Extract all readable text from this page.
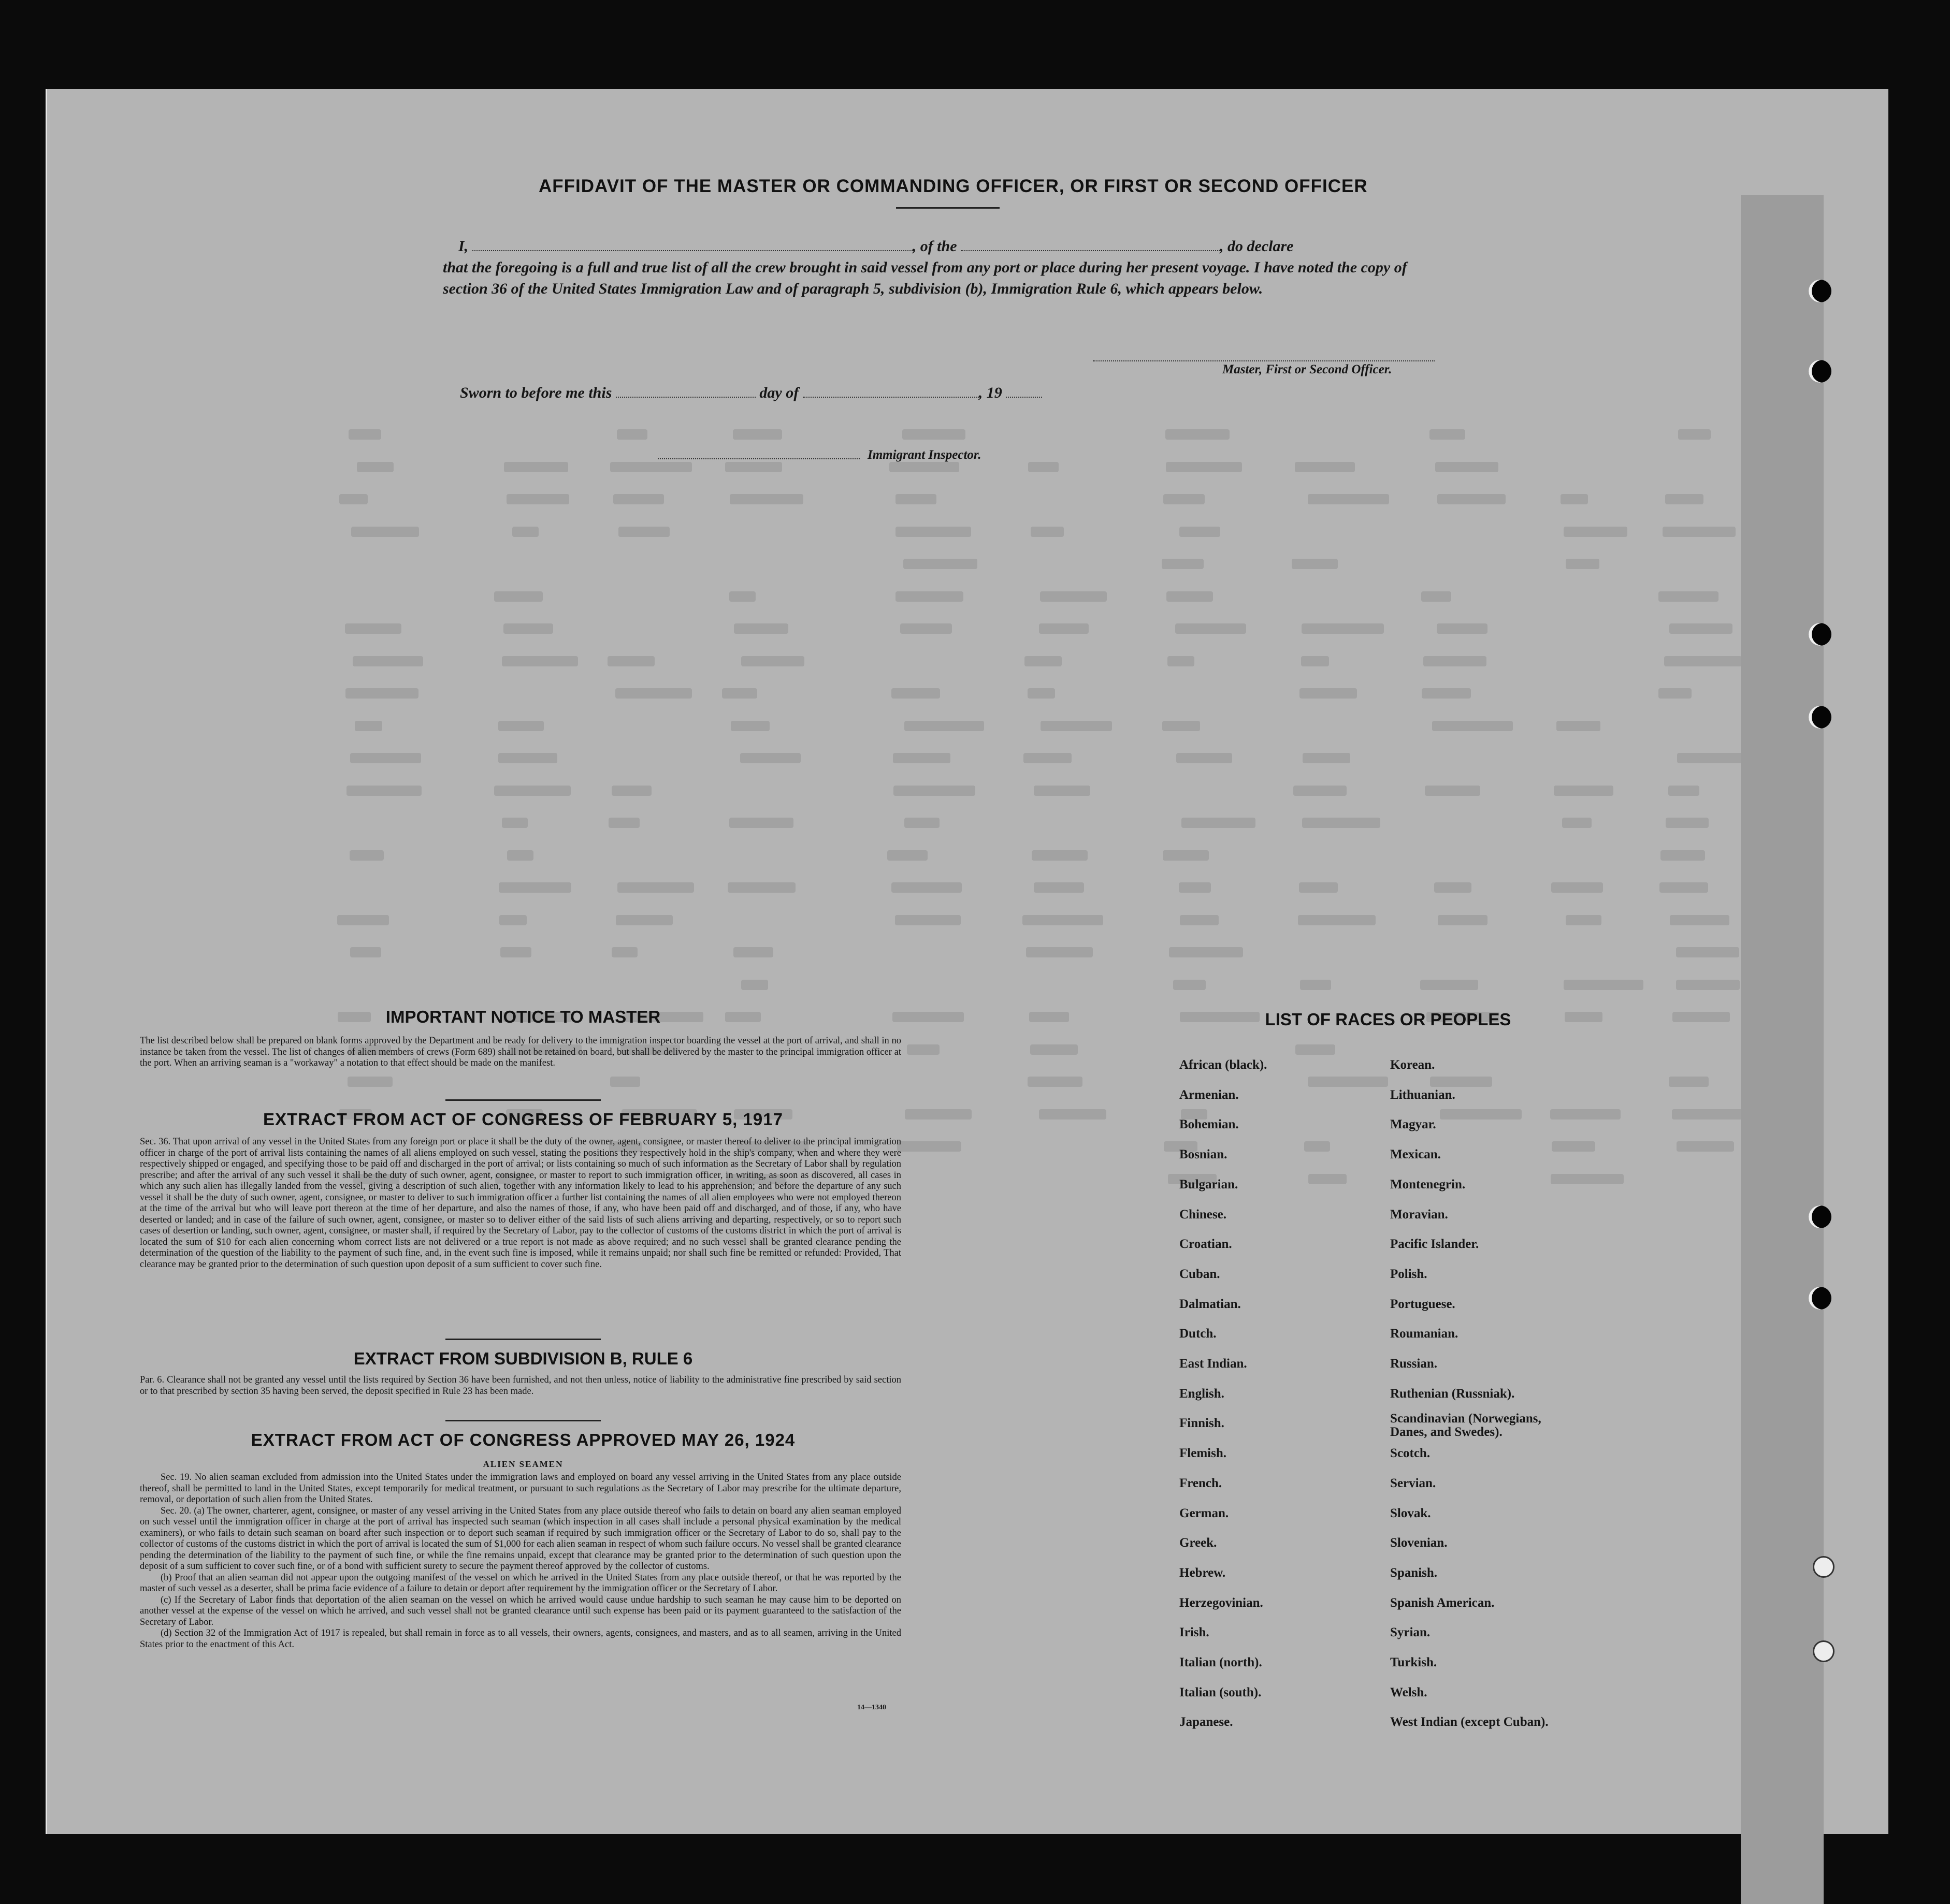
AFFIDAVIT OF THE MASTER OR COMMANDING OFFICER, OR FIRST OR SECOND OFFICER
I,	, of the	, do declare
that the foregoing is a full and true list of all the crew brought in said vessel from any port or place during her present voyage. I have noted the copy of section 36 of the United States Immigration Law and of paragraph 5, subdivision (b), Immigration Rule 6, which appears below.
Master, First or Second Officer.
Sworn to before me this	day of	, 19
Immigrant Inspector.
IMPORTANT NOTICE TO MASTER
The list described below shall be prepared on blank forms approved by the Department and be ready for delivery to the immigration inspector boarding the vessel at the port of arrival, and shall in no instance be taken from the vessel. The list of changes of alien members of crews (Form 689) shall not be retained on board, but shall be delivered by the master to the principal immigration officer at the port. When an arriving seaman is a "workaway" a notation to that effect should be made on the manifest.
EXTRACT FROM ACT OF CONGRESS OF FEBRUARY 5, 1917
Sec. 36. That upon arrival of any vessel in the United States from any foreign port or place it shall be the duty of the owner, agent, consignee, or master thereof to deliver to the principal immigration officer in charge of the port of arrival lists containing the names of all aliens employed on such vessel, stating the positions they respectively hold in the ship's company, when and where they were respectively shipped or engaged, and specifying those to be paid off and discharged in the port of arrival; or lists containing so much of such information as the Secretary of Labor shall by regulation prescribe; and after the arrival of any such vessel it shall be the duty of such owner, agent, consignee, or master to report to such immigration officer, in writing, as soon as discovered, all cases in which any such alien has illegally landed from the vessel, giving a description of such alien, together with any information likely to lead to his apprehension; and before the departure of any such vessel it shall be the duty of such owner, agent, consignee, or master to deliver to such immigration officer a further list containing the names of all alien employees who were not employed thereon at the time of the arrival but who will leave port thereon at the time of her departure, and also the names of those, if any, who have been paid off and discharged, and of those, if any, who have deserted or landed; and in case of the failure of such owner, agent, consignee, or master so to deliver either of the said lists of such aliens arriving and departing, respectively, or so to report such cases of desertion or landing, such owner, agent, consignee, or master shall, if required by the Secretary of Labor, pay to the collector of customs of the customs district in which the port of arrival is located the sum of $10 for each alien concerning whom correct lists are not delivered or a true report is not made as above required; and no such vessel shall be granted clearance pending the determination of the question of the liability to the payment of such fine, and, in the event such fine is imposed, while it remains unpaid; nor shall such fine be remitted or refunded: Provided, That clearance may be granted prior to the determination of such question upon deposit of a sum sufficient to cover such fine.
EXTRACT FROM SUBDIVISION B, RULE 6
Par. 6. Clearance shall not be granted any vessel until the lists required by Section 36 have been furnished, and not then unless, notice of liability to the administrative fine prescribed by said section or to that prescribed by section 35 having been served, the deposit specified in Rule 23 has been made.
EXTRACT FROM ACT OF CONGRESS APPROVED MAY 26, 1924
ALIEN SEAMEN
Sec. 19. No alien seaman excluded from admission into the United States under the immigration laws and employed on board any vessel arriving in the United States from any place outside thereof, shall be permitted to land in the United States, except temporarily for medical treatment, or pursuant to such regulations as the Secretary of Labor may prescribe for the ultimate departure, removal, or deportation of such alien from the United States.
Sec. 20. (a) The owner, charterer, agent, consignee, or master of any vessel arriving in the United States from any place outside thereof who fails to detain on board any alien seaman employed on such vessel until the immigration officer in charge at the port of arrival has inspected such seaman (which inspection in all cases shall include a personal physical examination by the medical examiners), or who fails to detain such seaman on board after such inspection or to deport such seaman if required by such immigration officer or the Secretary of Labor to do so, shall pay to the collector of customs of the customs district in which the port of arrival is located the sum of $1,000 for each alien seaman in respect of whom such failure occurs. No vessel shall be granted clearance pending the determination of the liability to the payment of such fine, or while the fine remains unpaid, except that clearance may be granted prior to the determination of such question upon the deposit of a sum sufficient to cover such fine, or of a bond with sufficient surety to secure the payment thereof approved by the collector of customs.
(b) Proof that an alien seaman did not appear upon the outgoing manifest of the vessel on which he arrived in the United States from any place outside thereof, or that he was reported by the master of such vessel as a deserter, shall be prima facie evidence of a failure to detain or deport after requirement by the immigration officer or the Secretary of Labor.
(c) If the Secretary of Labor finds that deportation of the alien seaman on the vessel on which he arrived would cause undue hardship to such seaman he may cause him to be deported on another vessel at the expense of the vessel on which he arrived, and such vessel shall not be granted clearance until such expense has been paid or its payment guaranteed to the satisfaction of the Secretary of Labor.
(d) Section 32 of the Immigration Act of 1917 is repealed, but shall remain in force as to all vessels, their owners, agents, consignees, and masters, and as to all seamen, arriving in the United States prior to the enactment of this Act.
14—1340
LIST OF RACES OR PEOPLES
African (black).
Armenian.
Bohemian.
Bosnian.
Bulgarian.
Chinese.
Croatian.
Cuban.
Dalmatian.
Dutch.
East Indian.
English.
Finnish.
Flemish.
French.
German.
Greek.
Hebrew.
Herzegovinian.
Irish.
Italian (north).
Italian (south).
Japanese.
Korean.
Lithuanian.
Magyar.
Mexican.
Montenegrin.
Moravian.
Pacific Islander.
Polish.
Portuguese.
Roumanian.
Russian.
Ruthenian (Russniak).
Scandinavian (Norwegians, Danes, and Swedes).
Scotch.
Servian.
Slovak.
Slovenian.
Spanish.
Spanish American.
Syrian.
Turkish.
Welsh.
West Indian (except Cuban).
